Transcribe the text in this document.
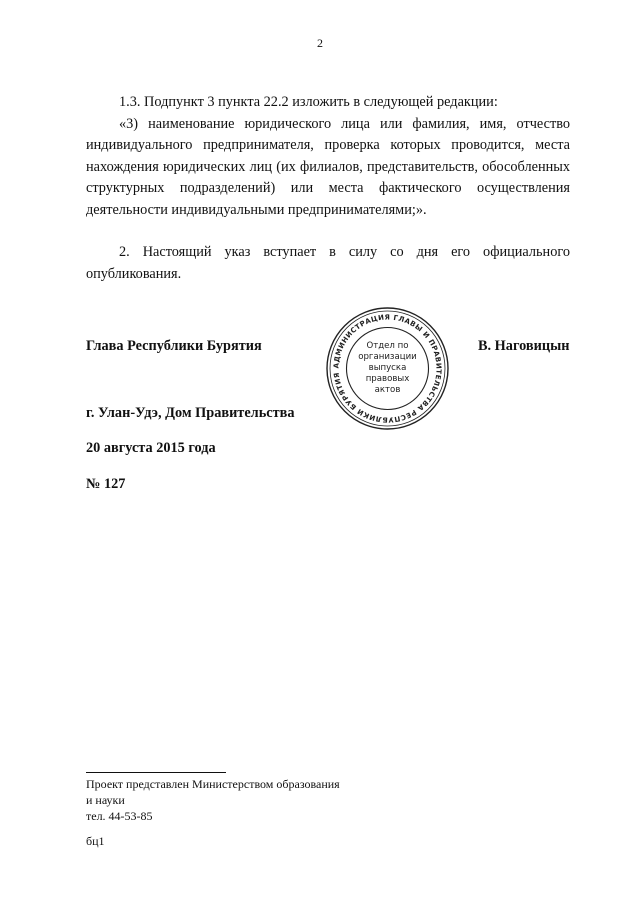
2

1.3. Подпункт 3 пункта 22.2 изложить в следующей редакции:

«3) наименование юридического лица или фамилия, имя, отчество индивидуального предпринимателя, проверка которых проводится, места нахождения юридических лиц (их филиалов, представительств, обособленных структурных подразделений) или места фактического осуществления деятельности индивидуальными предпринимателями;».

2. Настоящий указ вступает в силу со дня его официального опубликования.

Глава Республики Бурятия	В. Наговицын
АДМИНИСТРАЦИЯ ГЛАВЫ И ПРАВИТЕЛЬСТВА РЕСПУБЛИКИ БУРЯТИЯ
Отдел по
организации
выпуска
правовых
актов
г. Улан-Удэ, Дом Правительства
20 августа 2015 года
№ 127
Проект представлен Министерством образования
и науки
тел. 44-53-85
бц1
